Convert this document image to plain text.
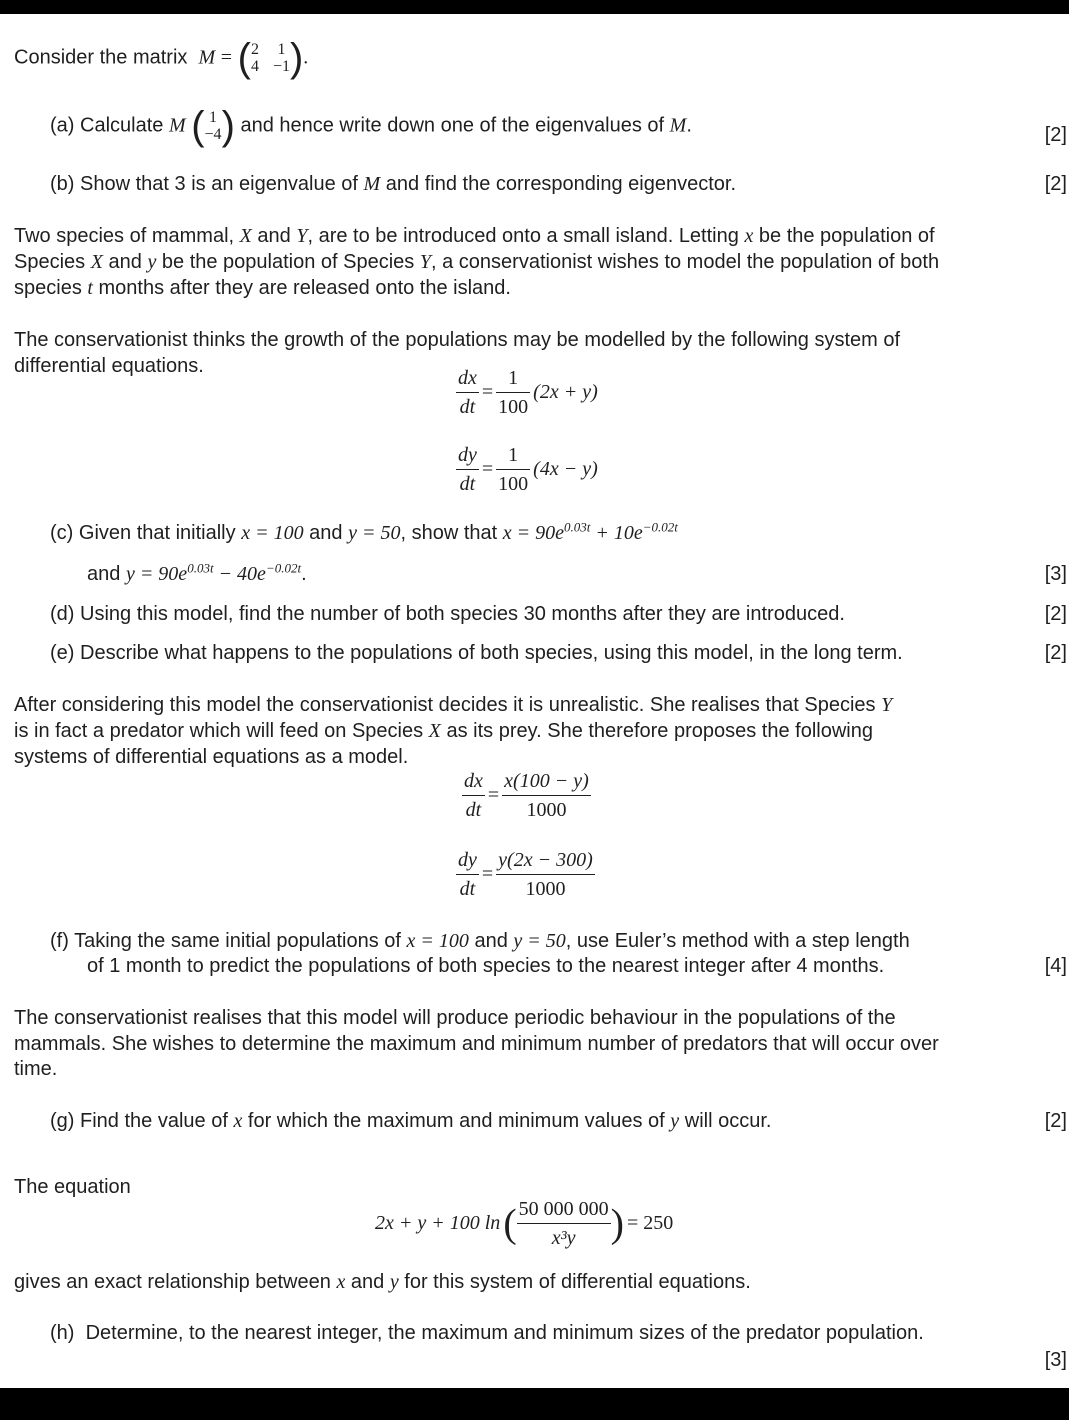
Consider the matrix M = ( 2 1
4 −1 ).
(a) Calculate M ( 1
−4 ) and hence write down one of the eigenvalues of M.	[2]
(b) Show that 3 is an eigenvalue of M and find the corresponding eigenvector.	[2]
Two species of mammal, X and Y, are to be introduced onto a small island. Letting x be the population of
Species X and y be the population of Species Y, a conservationist wishes to model the population of both
species t months after they are released onto the island.
The conservationist thinks the growth of the populations may be modelled by the following system of
differential equations.	$\frac{dx}{dt} = \frac{1}{100} (2x + y)$
$\frac{dy}{dt} = \frac{1}{100} (4x - y)$
(c) Given that initially x = 100 and y = 50, show that $x = 90e^{0.03t} + 10e^{-0.02t}$
and $y = 90e^{0.03t} - 40e^{-0.02t}$.	[3]
(d) Using this model, find the number of both species 30 months after they are introduced.	[2]
(e) Describe what happens to the populations of both species, using this model, in the long term.	[2]
After considering this model the conservationist decides it is unrealistic. She realises that Species Y
is in fact a predator which will feed on Species X as its prey. She therefore proposes the following
systems of differential equations as a model.
$\frac{dx}{dt} = \frac{x(100 - y)}{1000}$
$\frac{dy}{dt} = \frac{y(2x - 300)}{1000}$
(f) Taking the same initial populations of x = 100 and y = 50, use Euler’s method with a step length
of 1 month to predict the populations of both species to the nearest integer after 4 months.	[4]
The conservationist realises that this model will produce periodic behaviour in the populations of the
mammals. She wishes to determine the maximum and minimum number of predators that will occur over
time.
(g) Find the value of x for which the maximum and minimum values of y will occur.	[2]
The equation
2x + y + 100 $\ln( \frac{50 000 000}{\text{x³y}}$ ) = 250
gives an exact relationship between x and y for this system of differential equations.
(h) Determine, to the nearest integer, the maximum and minimum sizes of the predator population.
[3]
